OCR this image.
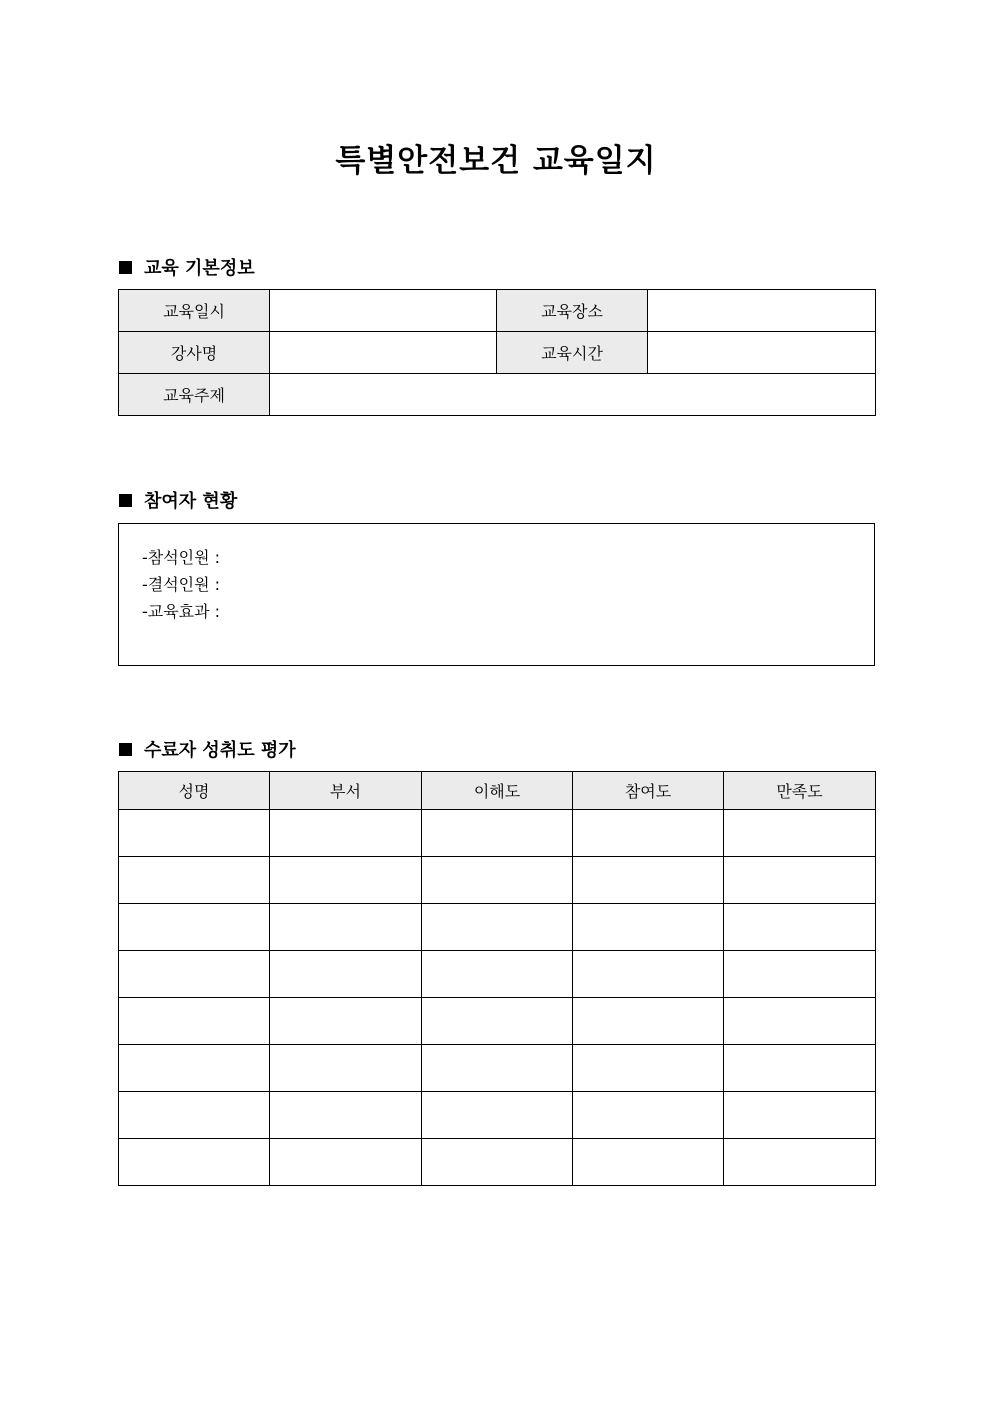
특별안전보건 교육일지
교육 기본정보
교육일시		교육장소	
강사명		교육시간	
교육주제			
참여자 현황
-참석인원 :
-결석인원 :
-교육효과 :
수료자 성취도 평가
성명	부서	이해도	참여도	만족도
